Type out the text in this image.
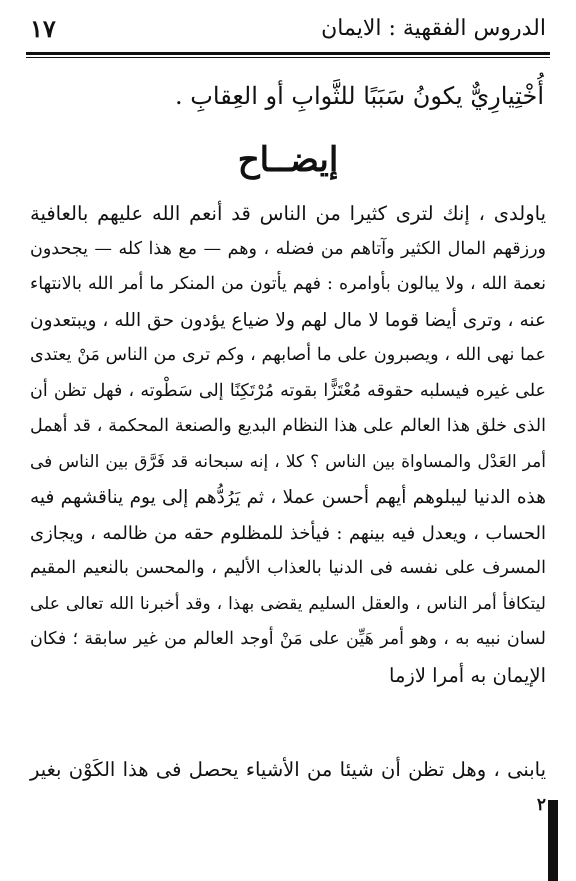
الدروس الفقهية : الايمان
١٧
أُخْتِيارِيٌّ يكونُ سَبَبًا للثَّوابِ أو العِقابِ .
إيضــاح
ياولدى ، إنك لترى كثيرا من الناس قد أنعم الله عليهم بالعافية
ورزقهم المال الكثير وآتاهم من فضله ، وهم — مع هذا كله — يجحدون
نعمة الله ، ولا يبالون بأوامره : فهم يأتون من المنكر ما أمر الله بالانتهاء
عنه ، وترى أيضا قوما لا مال لهم ولا ضياع يؤدون حق الله ، ويبتعدون
عما نهى الله ، ويصبرون على ما أصابهم ، وكم ترى من الناس مَنْ يعتدى
على غيره فيسلبه حقوقه مُعْتَزًّا بقوته مُرْتَكِنًا إلى سَطْوته ، فهل تظن أن
الذى خلق هذا العالم على هذا النظام البديع والصنعة المحكمة ، قد أهمل
أمر العَدْل والمساواة بين الناس ؟ كلا ، إنه سبحانه قد فَرَّق بين الناس فى
هذه الدنيا ليبلوهم أيهم أحسن عملا ، ثم يَرُدُّهم إلى يوم يناقشهم فيه
الحساب ، ويعدل فيه بينهم : فيأخذ للمظلوم حقه من ظالمه ، ويجازى
المسرف على نفسه فى الدنيا بالعذاب الأليم ، والمحسن بالنعيم المقيم
ليتكافأ أمر الناس ، والعقل السليم يقضى بهذا ، وقد أخبرنا الله تعالى على
لسان نبيه به ، وهو أمر هَيِّن على مَنْ أوجد العالم من غير سابقة ؛ فكان
الإيمان به أمرا لازما
يابنى ، وهل تظن أن شيئا من الأشياء يحصل فى هذا الكَوْن بغير
٢
